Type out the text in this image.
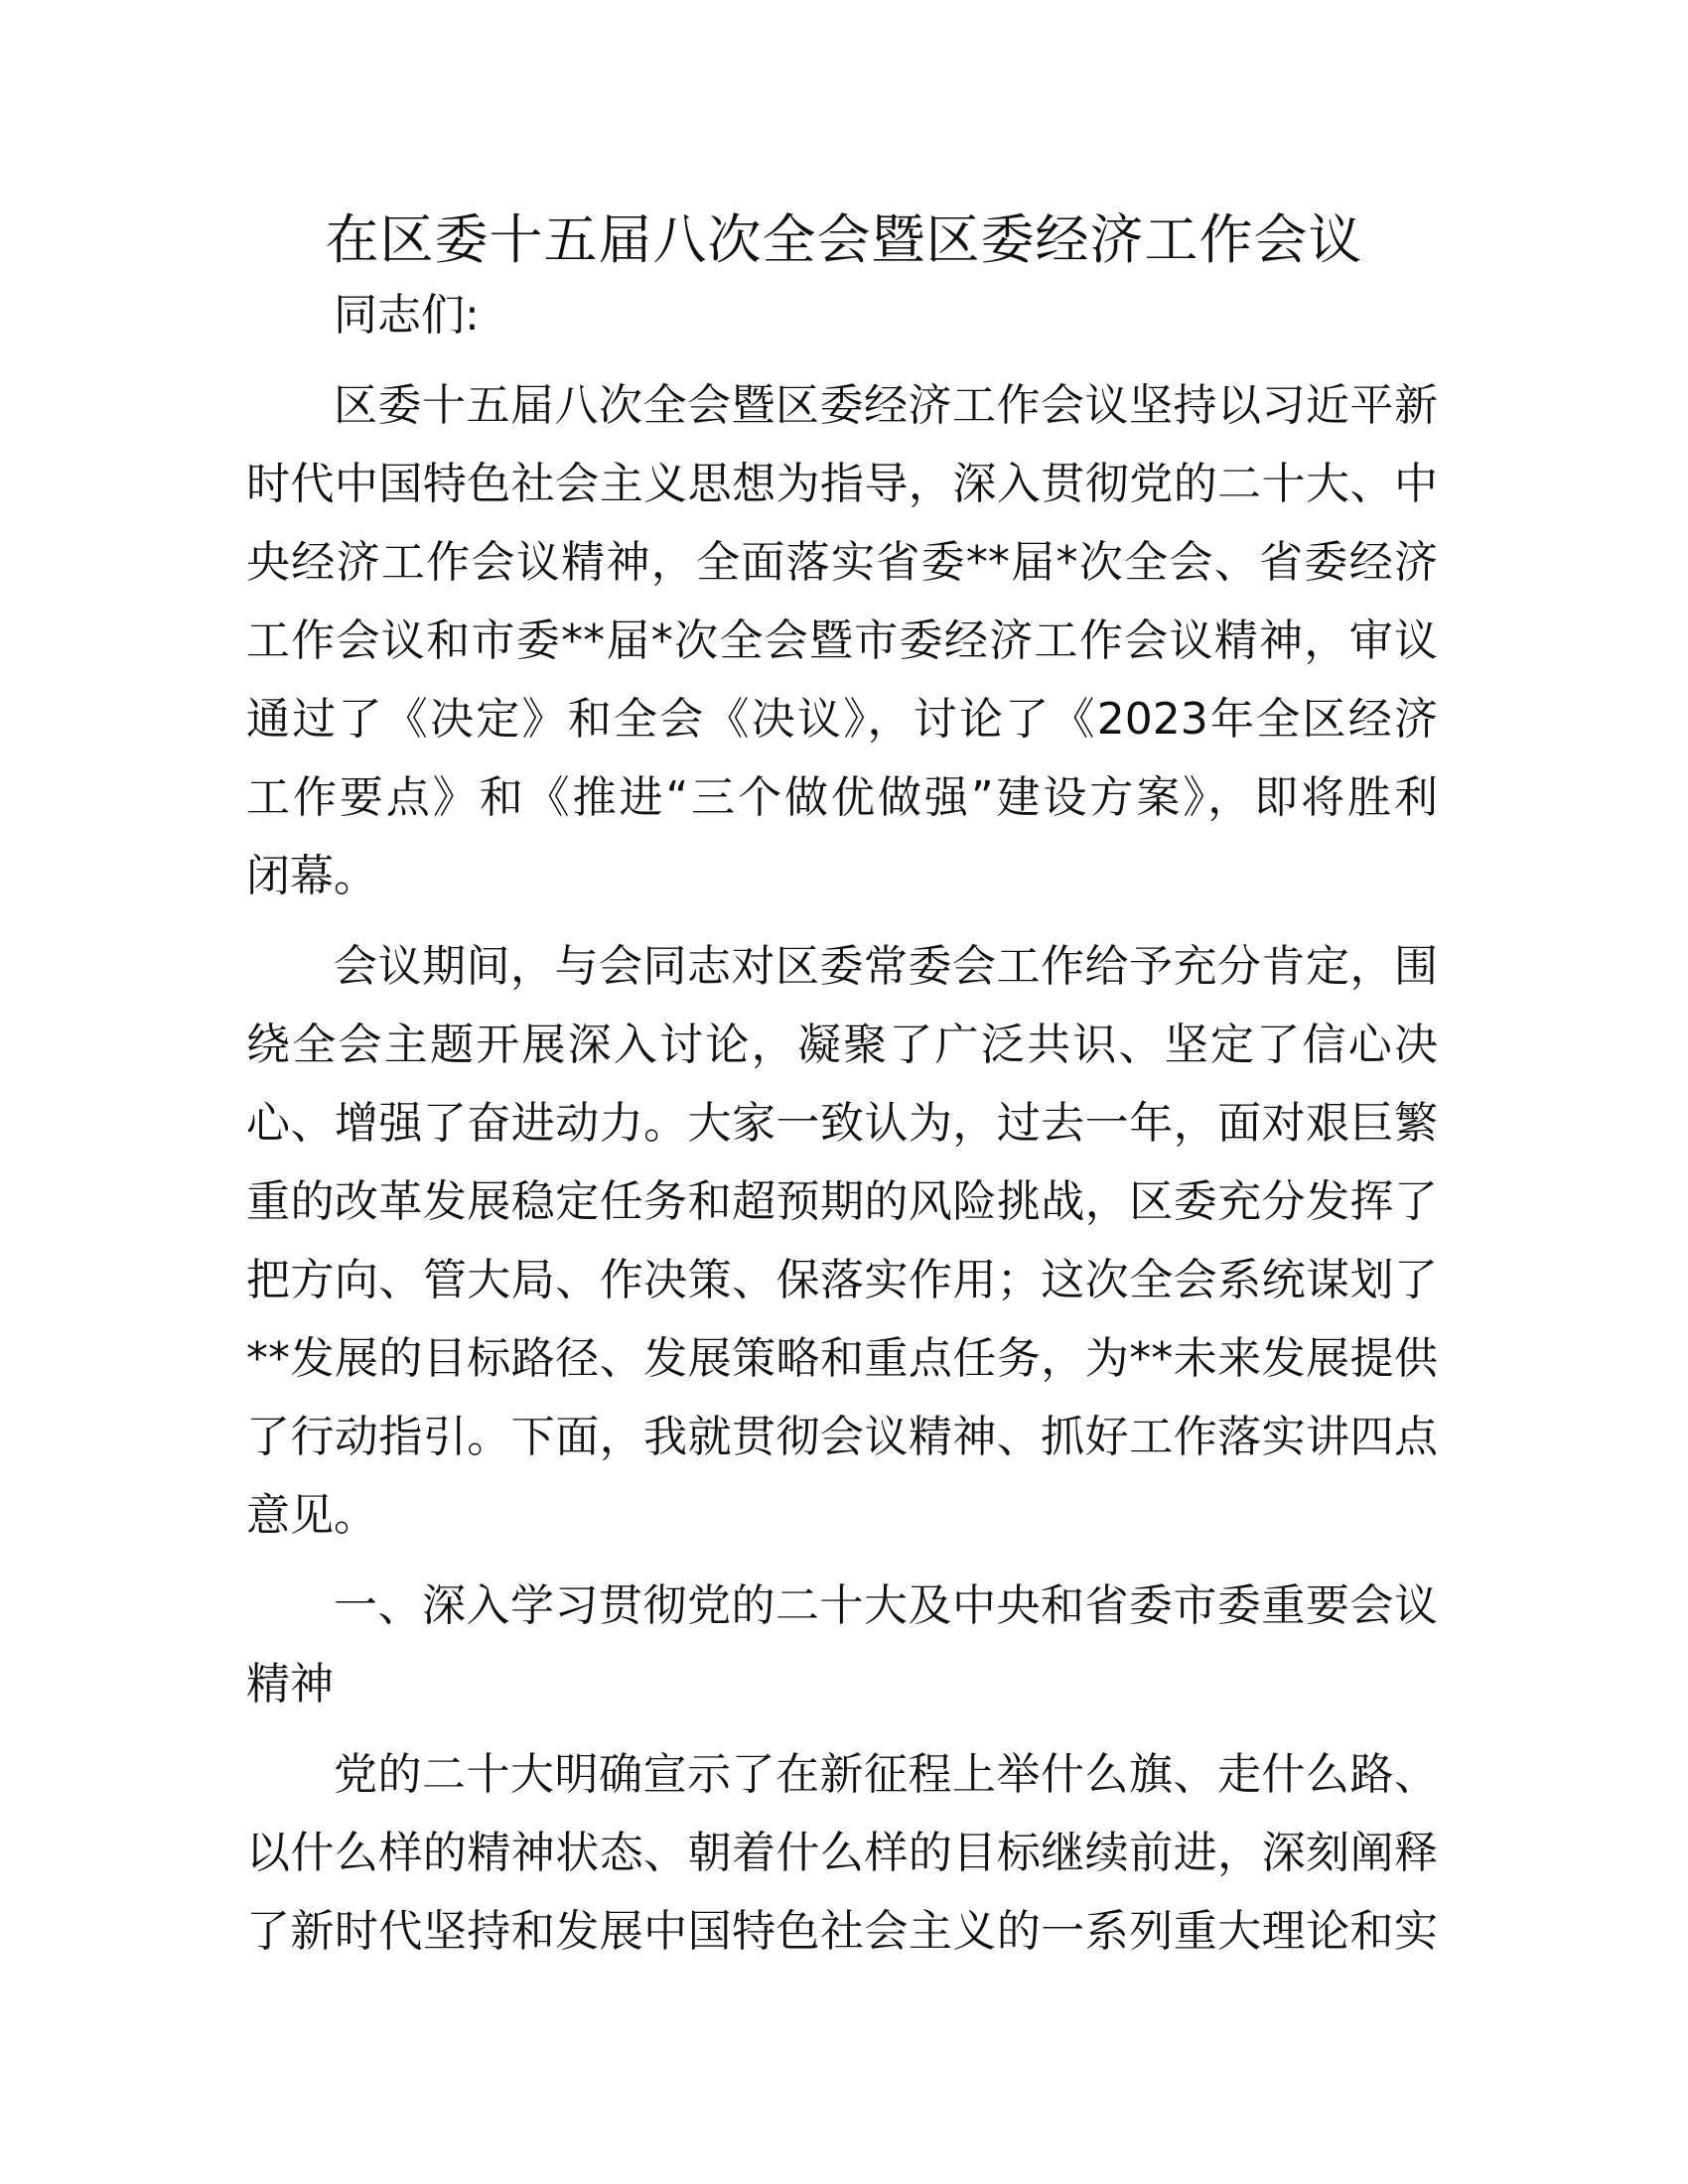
在区委十五届八次全会暨区委经济工作会议

同志们:

区委十五届八次全会暨区委经济工作会议坚持以习近平新
时代中国特色社会主义思想为指导，深入贯彻党的二十大、中
央经济工作会议精神，全面落实省委**届*次全会、省委经济
工作会议和市委**届*次全会暨市委经济工作会议精神，审议
通过了《决定》和全会《决议》，讨论了《2023年全区经济
工作要点》和《推进“三个做优做强”建设方案》，即将胜利
闭幕。

会议期间，与会同志对区委常委会工作给予充分肯定，围
绕全会主题开展深入讨论，凝聚了广泛共识、坚定了信心决
心、增强了奋进动力。大家一致认为，过去一年，面对艰巨繁
重的改革发展稳定任务和超预期的风险挑战，区委充分发挥了
把方向、管大局、作决策、保落实作用；这次全会系统谋划了
**发展的目标路径、发展策略和重点任务，为**未来发展提供
了行动指引。下面，我就贯彻会议精神、抓好工作落实讲四点
意见。

一、深入学习贯彻党的二十大及中央和省委市委重要会议
精神

党的二十大明确宣示了在新征程上举什么旗、走什么路、
以什么样的精神状态、朝着什么样的目标继续前进，深刻阐释
了新时代坚持和发展中国特色社会主义的一系列重大理论和实
